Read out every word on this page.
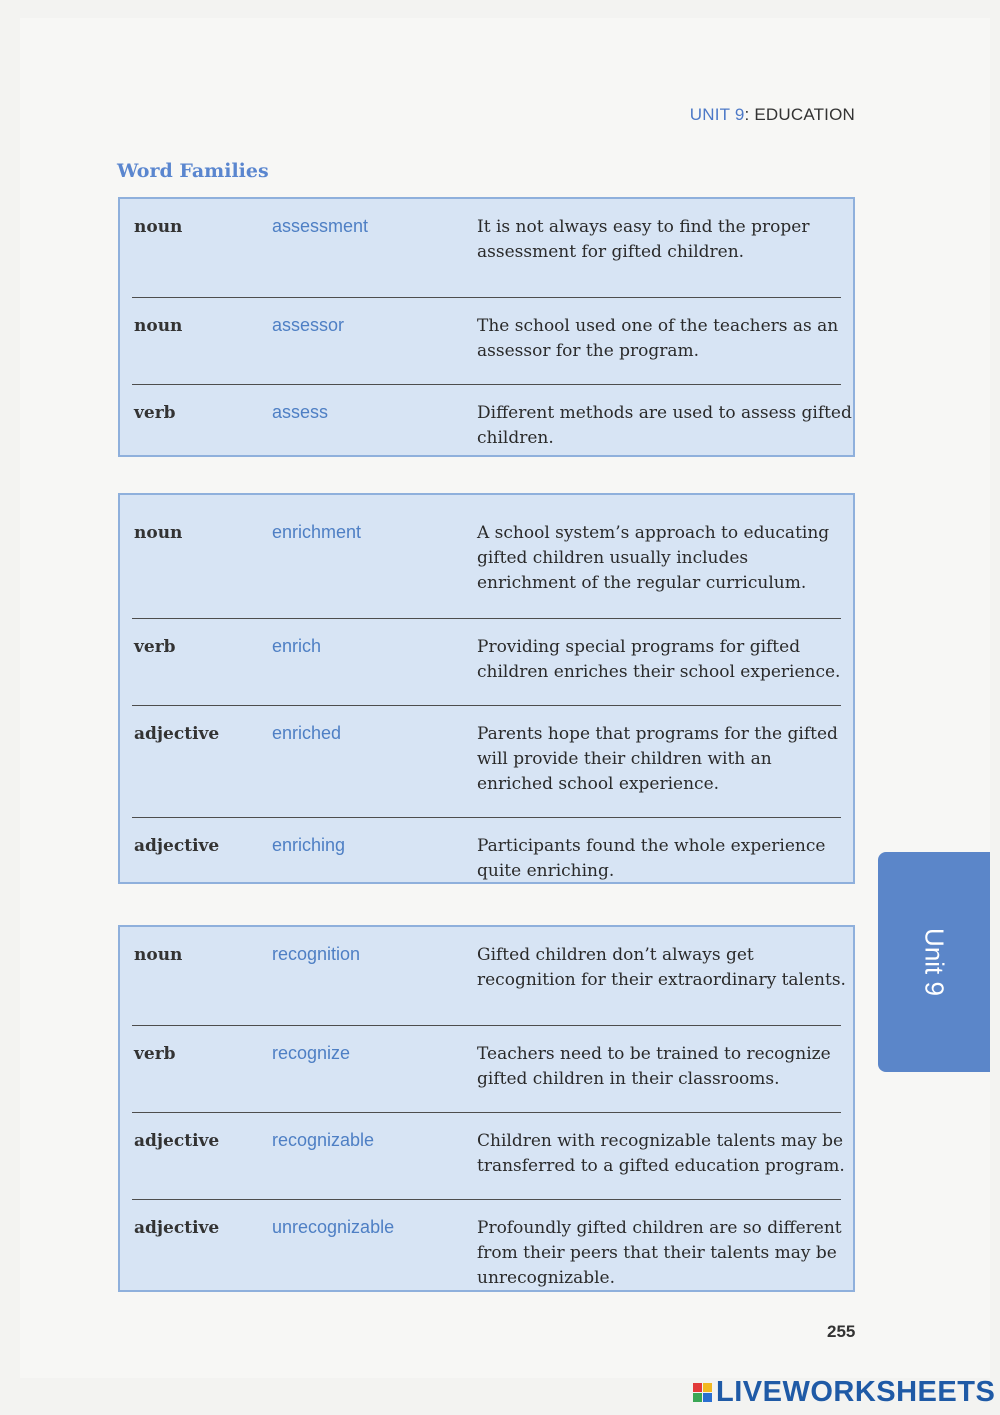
UNIT 9: EDUCATION
Word Families
noun	assessment	It is not always easy to find the proper assessment for gifted children.
noun	assessor	The school used one of the teachers as an assessor for the program.
verb	assess	Different methods are used to assess gifted children.
noun	enrichment	A school system’s approach to educating gifted children usually includes enrichment of the regular curriculum.
verb	enrich	Providing special programs for gifted children enriches their school experience.
adjective	enriched	Parents hope that programs for the gifted will provide their children with an enriched school experience.
adjective	enriching	Participants found the whole experience quite enriching.
noun	recognition	Gifted children don’t always get recognition for their extraordinary talents.
verb	recognize	Teachers need to be trained to recognize gifted children in their classrooms.
adjective	recognizable	Children with recognizable talents may be transferred to a gifted education program.
adjective	unrecognizable	Profoundly gifted children are so different from their peers that their talents may be unrecognizable.
Unit 9
255
LIVEWORKSHEETS
